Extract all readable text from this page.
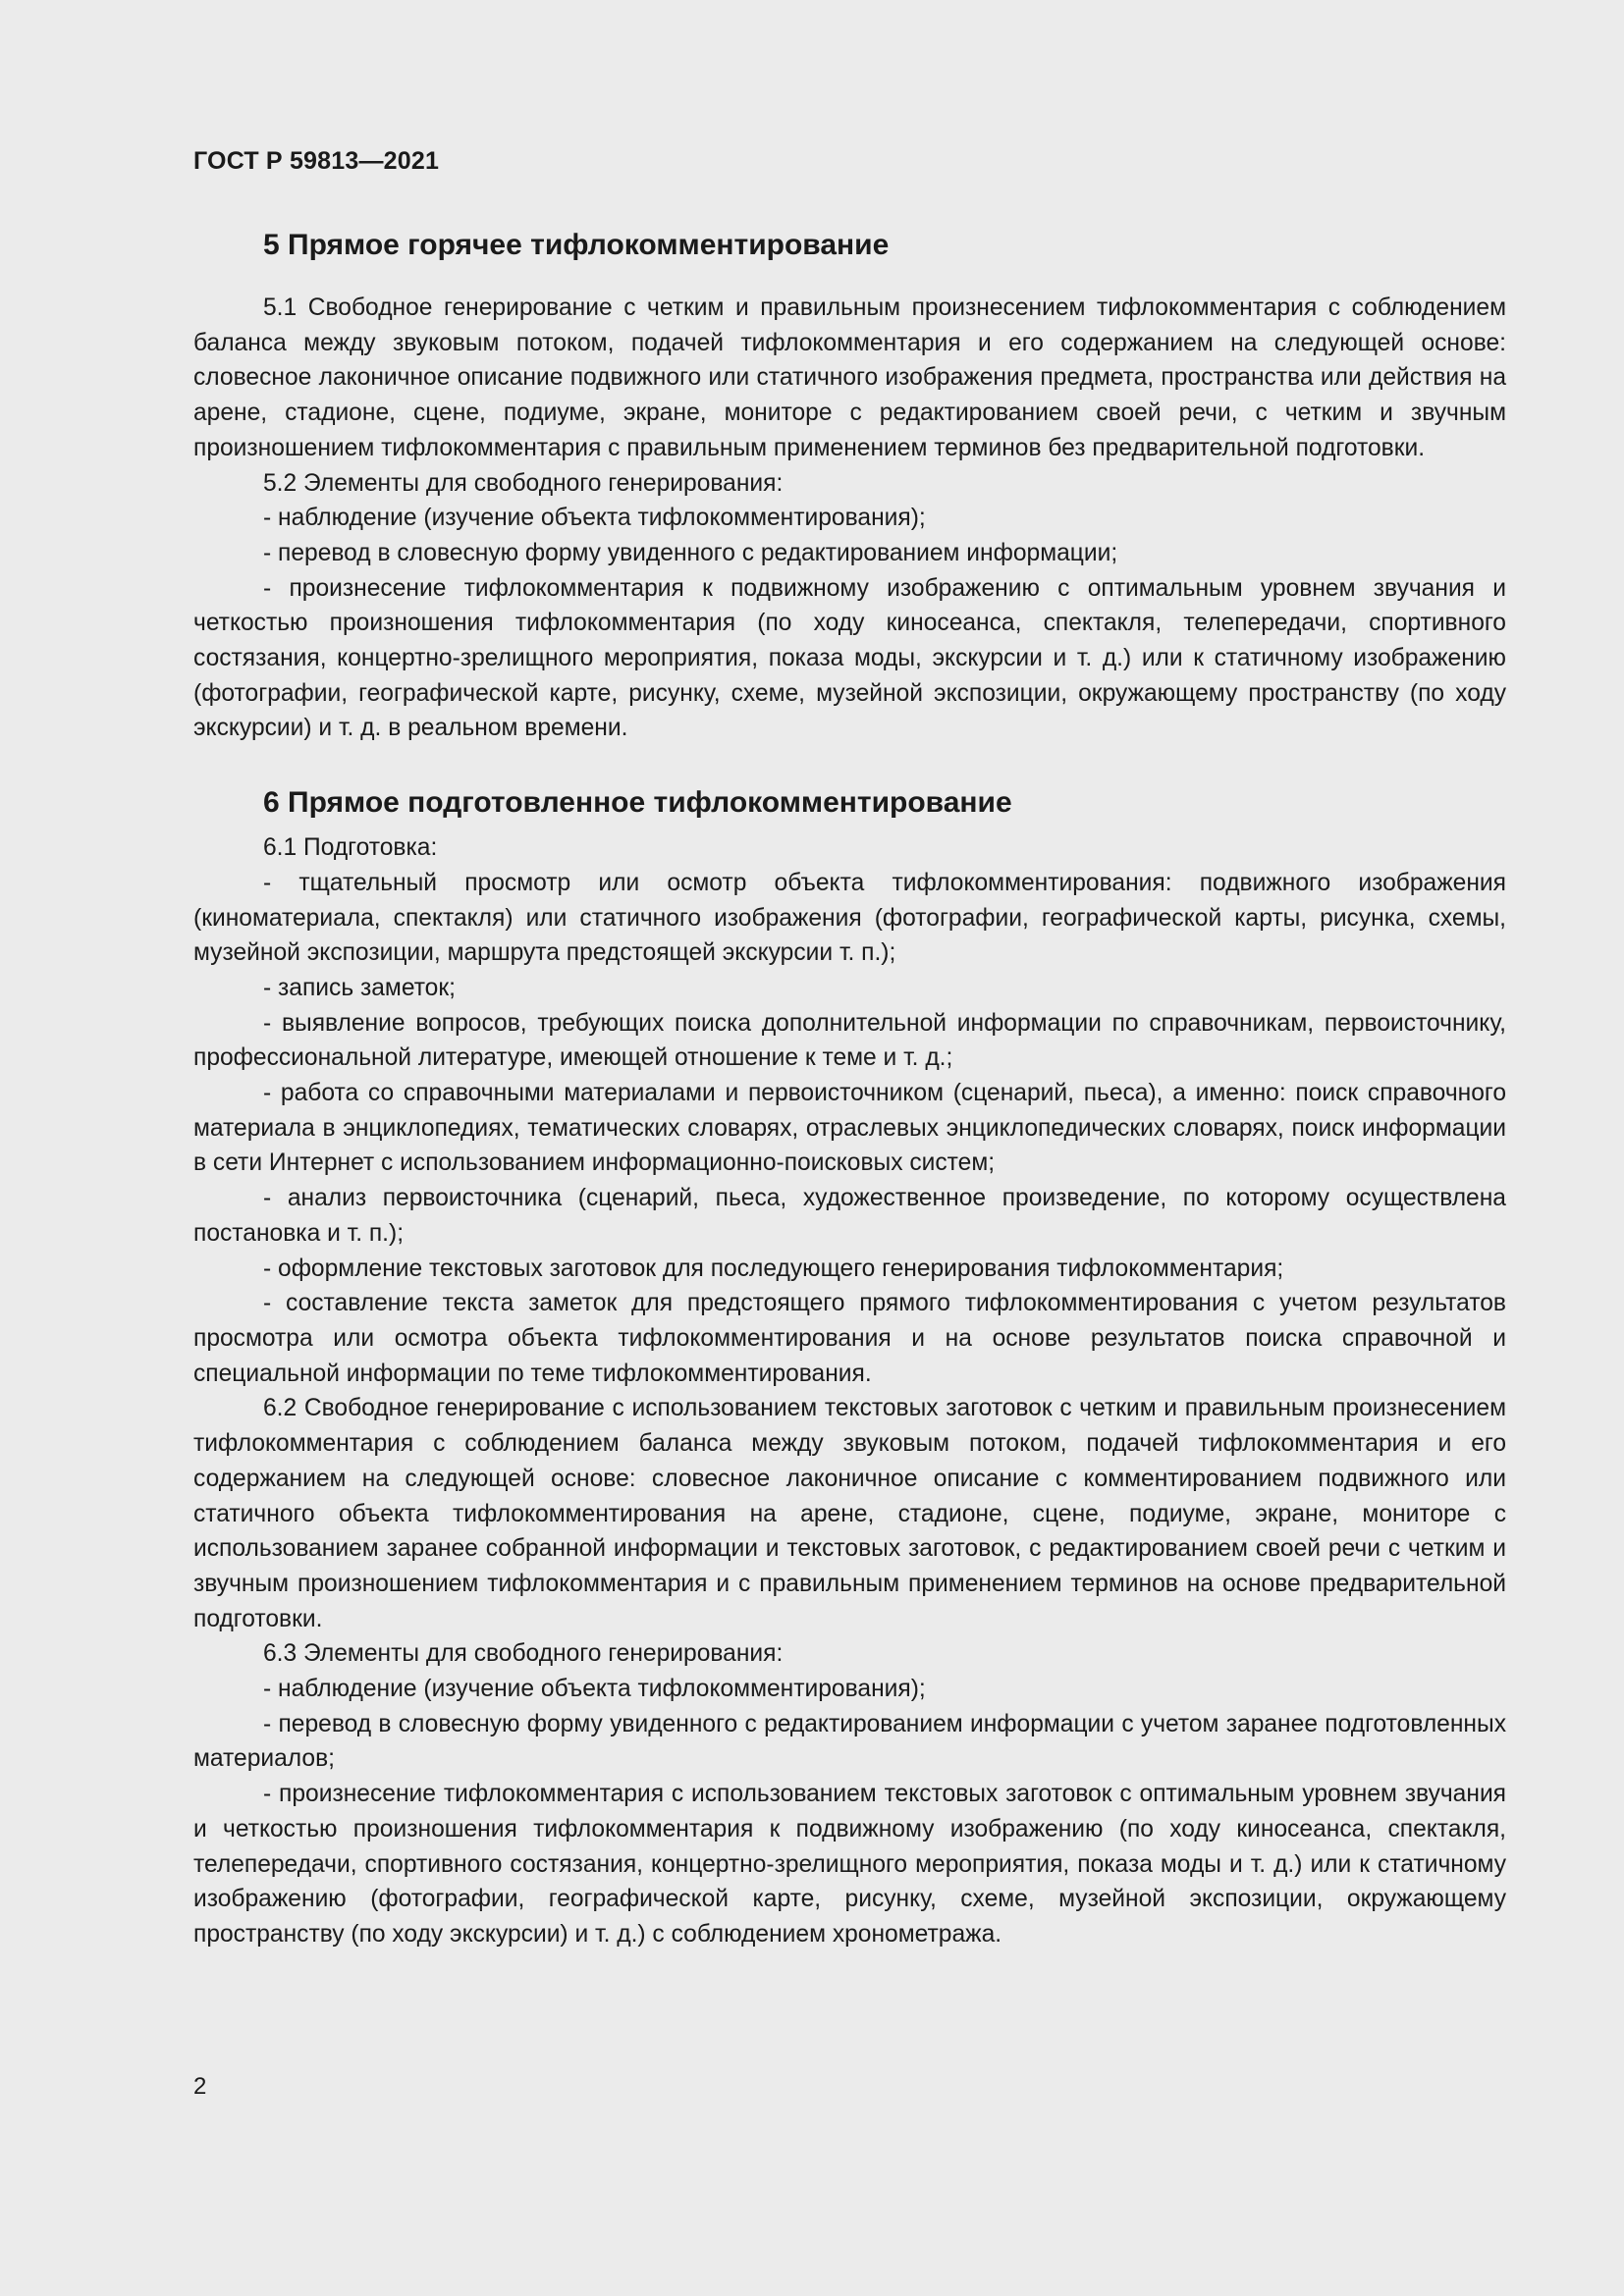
ГОСТ Р 59813—2021
5 Прямое горячее тифлокомментирование

5.1 Свободное генерирование с четким и правильным произнесением тифлокомментария с соблюдением баланса между звуковым потоком, подачей тифлокомментария и его содержанием на следующей основе: словесное лаконичное описание подвижного или статичного изображения предмета, пространства или действия на арене, стадионе, сцене, подиуме, экране, мониторе с редактированием своей речи, с четким и звучным произношением тифлокомментария с правильным применением терминов без предварительной подготовки.

5.2 Элементы для свободного генерирования:

- наблюдение (изучение объекта тифлокомментирования);

- перевод в словесную форму увиденного с редактированием информации;

- произнесение тифлокомментария к подвижному изображению с оптимальным уровнем звучания и четкостью произношения тифлокомментария (по ходу киносеанса, спектакля, телепередачи, спортивного состязания, концертно-зрелищного мероприятия, показа моды, экскурсии и т. д.) или к статичному изображению (фотографии, географической карте, рисунку, схеме, музейной экспозиции, окружающему пространству (по ходу экскурсии) и т. д. в реальном времени.

6 Прямое подготовленное тифлокомментирование

6.1 Подготовка:

- тщательный просмотр или осмотр объекта тифлокомментирования: подвижного изображения (киноматериала, спектакля) или статичного изображения (фотографии, географической карты, рисунка, схемы, музейной экспозиции, маршрута предстоящей экскурсии т. п.);

- запись заметок;

- выявление вопросов, требующих поиска дополнительной информации по справочникам, первоисточнику, профессиональной литературе, имеющей отношение к теме и т. д.;

- работа со справочными материалами и первоисточником (сценарий, пьеса), а именно: поиск справочного материала в энциклопедиях, тематических словарях, отраслевых энциклопедических словарях, поиск информации в сети Интернет с использованием информационно-поисковых систем;

- анализ первоисточника (сценарий, пьеса, художественное произведение, по которому осуществлена постановка и т. п.);

- оформление текстовых заготовок для последующего генерирования тифлокомментария;

- составление текста заметок для предстоящего прямого тифлокомментирования с учетом результатов просмотра или осмотра объекта тифлокомментирования и на основе результатов поиска справочной и специальной информации по теме тифлокомментирования.

6.2 Свободное генерирование с использованием текстовых заготовок с четким и правильным произнесением тифлокомментария с соблюдением баланса между звуковым потоком, подачей тифлокомментария и его содержанием на следующей основе: словесное лаконичное описание с комментированием подвижного или статичного объекта тифлокомментирования на арене, стадионе, сцене, подиуме, экране, мониторе с использованием заранее собранной информации и текстовых заготовок, с редактированием своей речи с четким и звучным произношением тифлокомментария и с правильным применением терминов на основе предварительной подготовки.

6.3 Элементы для свободного генерирования:

- наблюдение (изучение объекта тифлокомментирования);

- перевод в словесную форму увиденного с редактированием информации с учетом заранее подготовленных материалов;

- произнесение тифлокомментария с использованием текстовых заготовок с оптимальным уровнем звучания и четкостью произношения тифлокомментария к подвижному изображению (по ходу киносеанса, спектакля, телепередачи, спортивного состязания, концертно-зрелищного мероприятия, показа моды и т. д.) или к статичному изображению (фотографии, географической карте, рисунку, схеме, музейной экспозиции, окружающему пространству (по ходу экскурсии) и т. д.) с соблюдением хронометража.

2
